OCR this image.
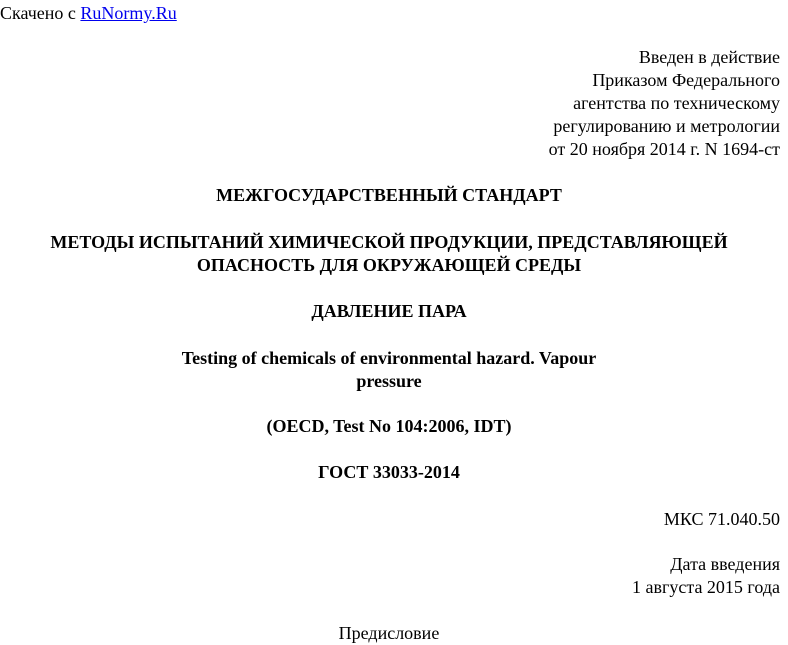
Скачено с RuNormy.Ru
Введен в действие
Приказом Федерального
агентства по техническому
регулированию и метрологии
от 20 ноября 2014 г. N 1694-ст
МЕЖГОСУДАРСТВЕННЫЙ СТАНДАРТ
МЕТОДЫ ИСПЫТАНИЙ ХИМИЧЕСКОЙ ПРОДУКЦИИ, ПРЕДСТАВЛЯЮЩЕЙ
ОПАСНОСТЬ ДЛЯ ОКРУЖАЮЩЕЙ СРЕДЫ
ДАВЛЕНИЕ ПАРА
Testing of chemicals of environmental hazard. Vapour
pressure
(OECD, Test No 104:2006, IDT)
ГОСТ 33033-2014
МКС 71.040.50
Дата введения
1 августа 2015 года
Предисловие
